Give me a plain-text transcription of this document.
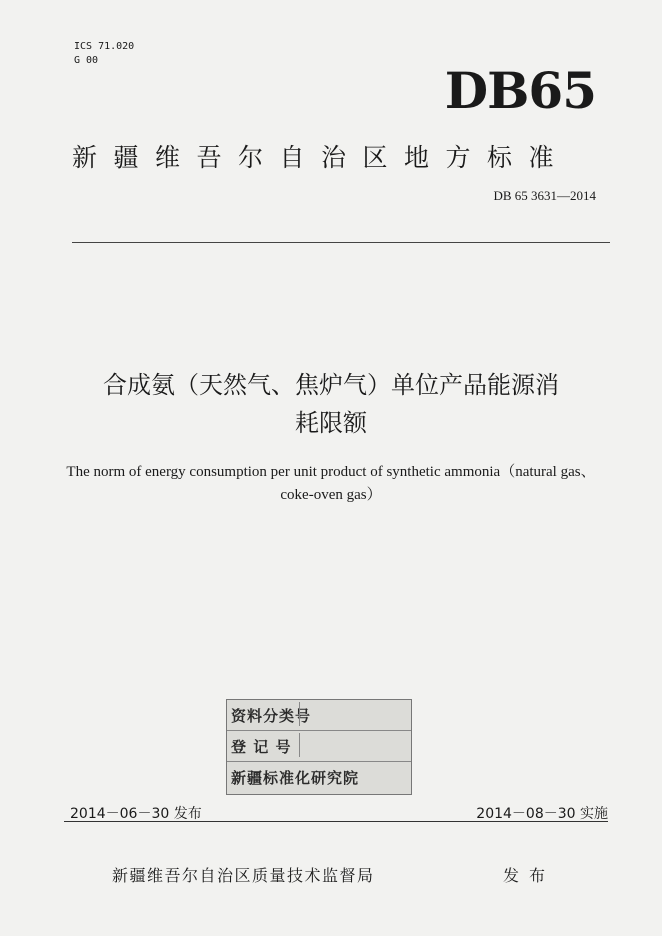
ICS 71.020
G 00
DB65
新疆维吾尔自治区地方标准
DB 65 3631—2014
合成氨（天然气、焦炉气）单位产品能源消
耗限额
The norm of energy consumption per unit product of synthetic ammonia（natural gas、
coke-oven gas）
资料分类号
登 记 号
新疆标准化研究院
2014－06－30 发布	2014－08－30 实施
新疆维吾尔自治区质量技术监督局	发布
